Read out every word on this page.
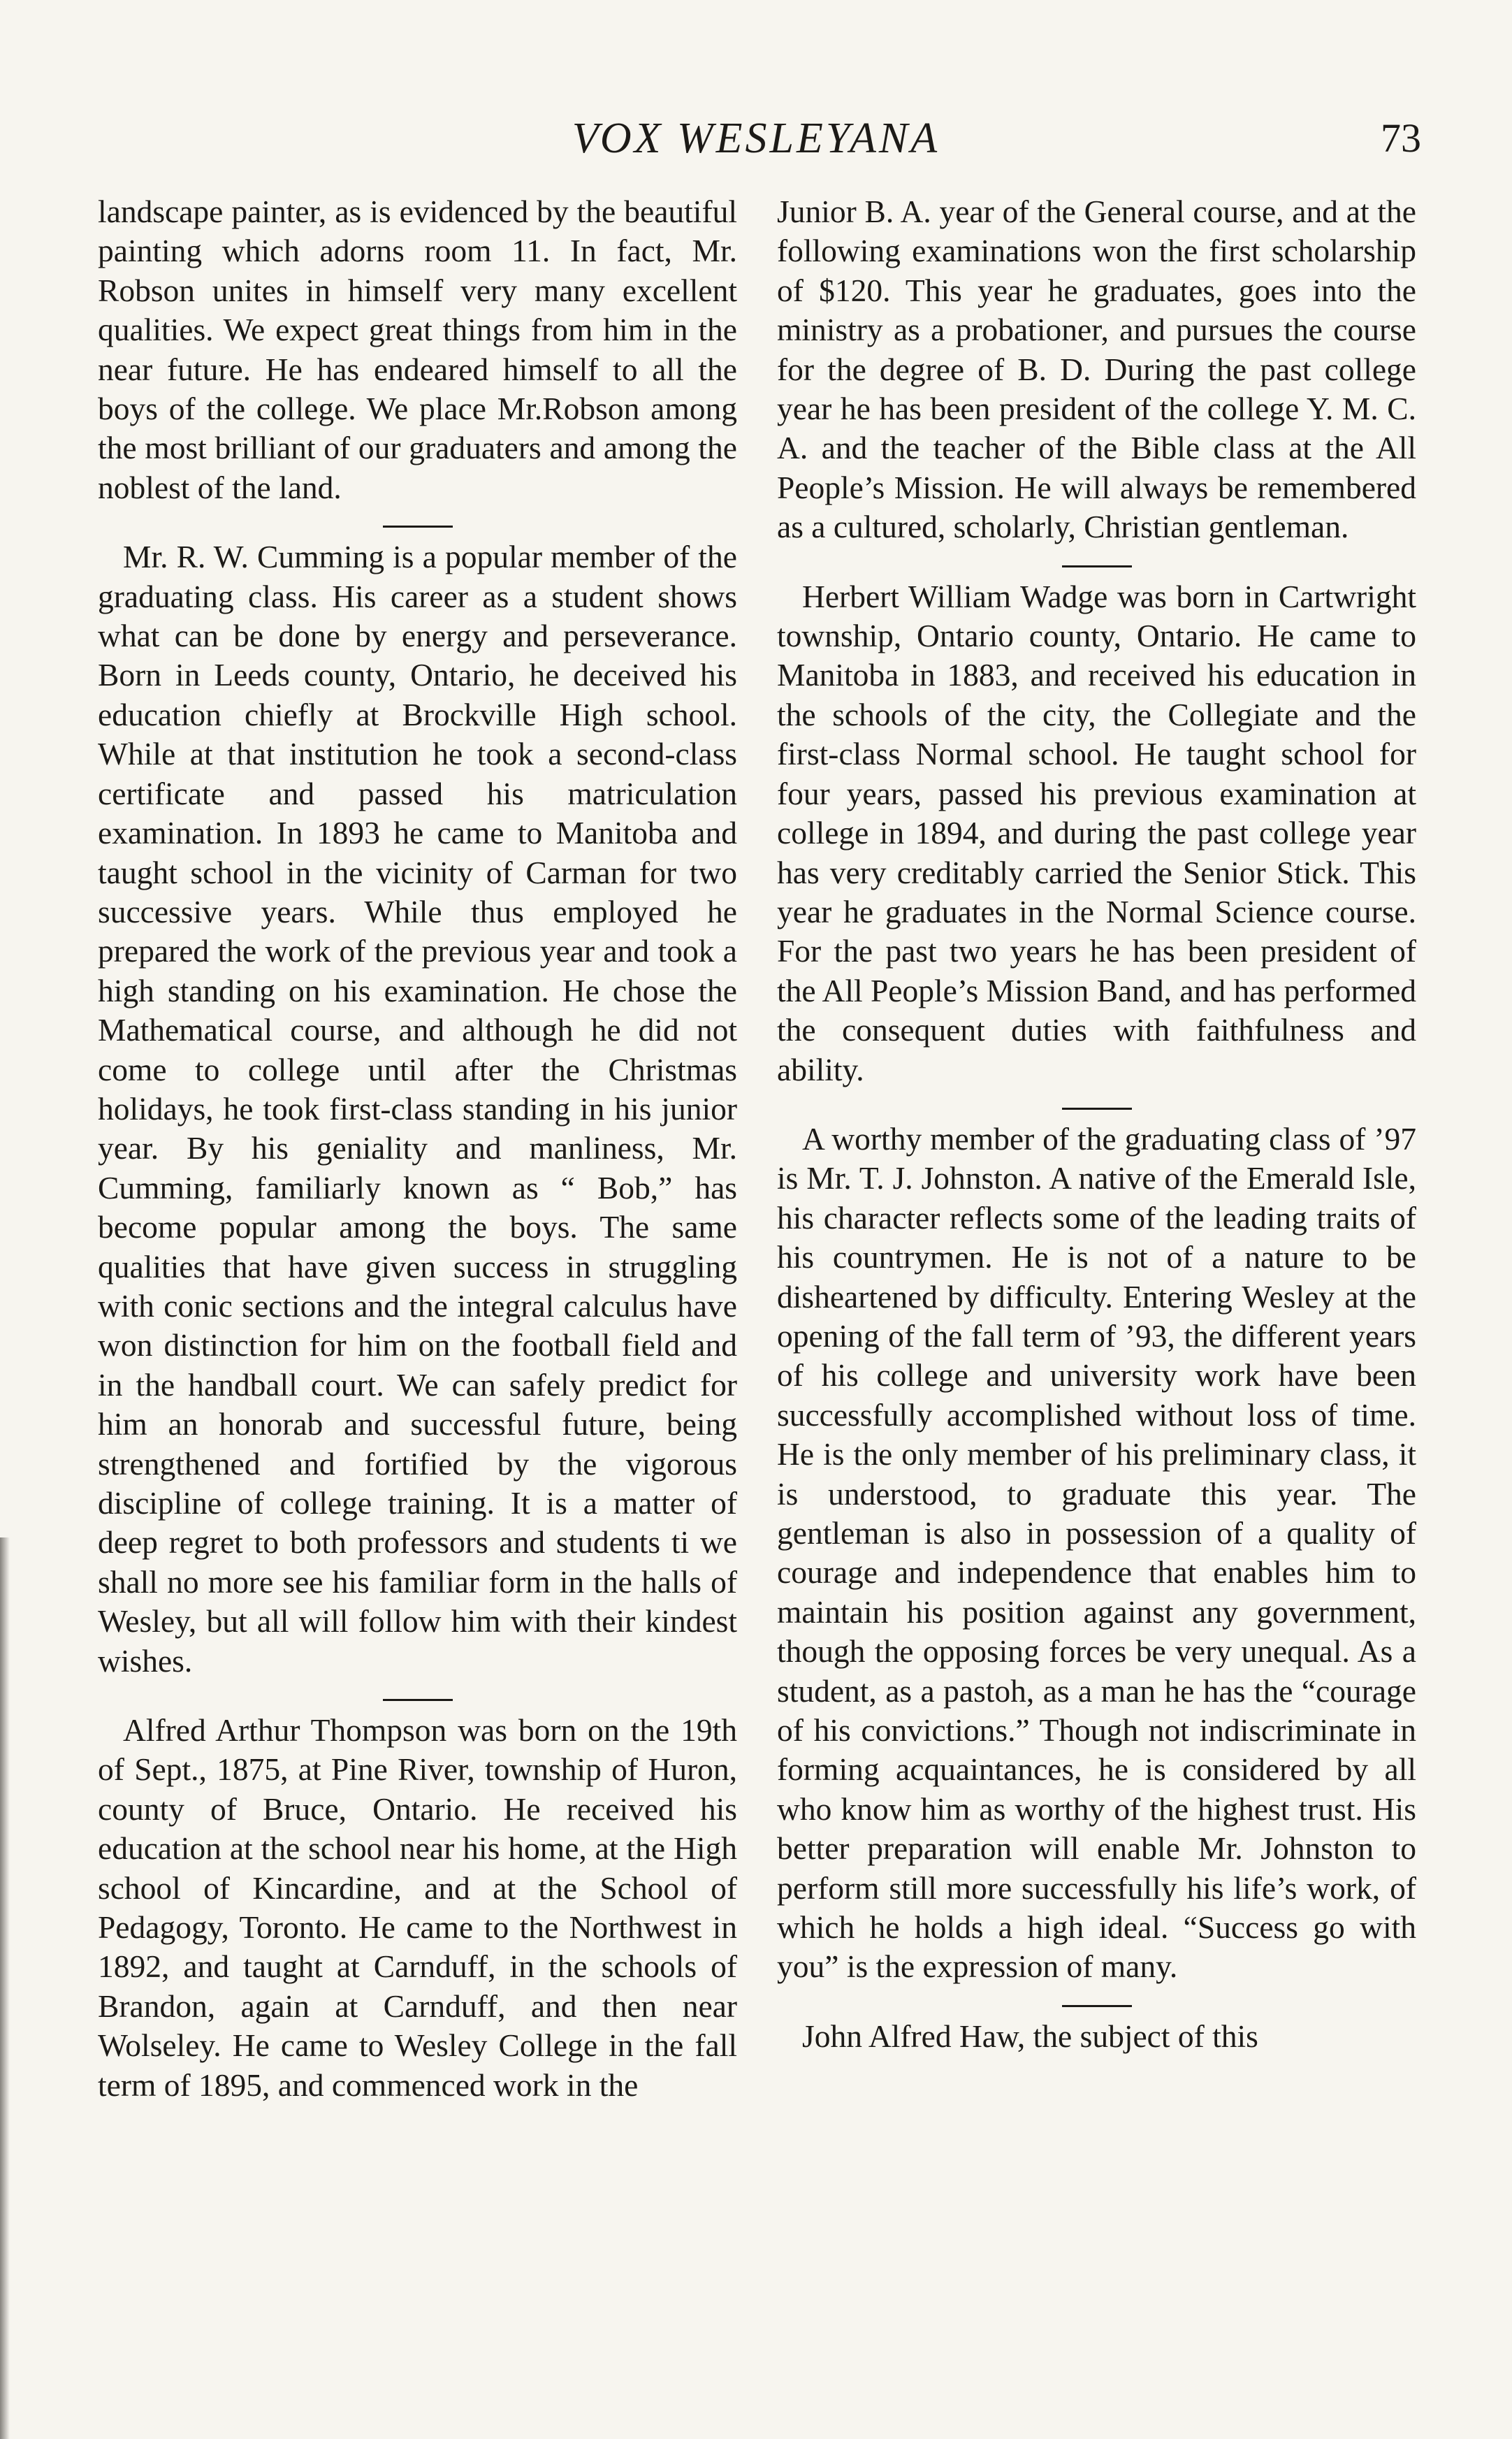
VOX WESLEYANA	73

landscape painter, as is evidenced by the beautiful painting which adorns room 11. In fact, Mr. Robson unites in himself very many excellent qualities. We expect great things from him in the near future. He has endeared himself to all the boys of the college. We place Mr.Robson among the most brilliant of our graduaters and among the noblest of the land.

Mr. R. W. Cumming is a popular member of the graduating class. His career as a student shows what can be done by energy and perseverance. Born in Leeds county, Ontario, he deceived his education chiefly at Brockville High school. While at that institution he took a second-class certificate and passed his matriculation examination. In 1893 he came to Manitoba and taught school in the vicinity of Carman for two successive years. While thus employed he prepared the work of the previous year and took a high standing on his examination. He chose the Mathematical course, and although he did not come to college until after the Christmas holidays, he took first-class standing in his junior year. By his geniality and manliness, Mr. Cumming, familiarly known as “ Bob,” has become popular among the boys. The same qualities that have given success in struggling with conic sections and the integral calculus have won distinction for him on the football field and in the handball court. We can safely predict for him an honorab and successful future, being strengthened and fortified by the vigorous discipline of college training. It is a matter of deep regret to both professors and students ti we shall no more see his familiar form in the halls of Wesley, but all will follow him with their kindest wishes.

Alfred Arthur Thompson was born on the 19th of Sept., 1875, at Pine River, township of Huron, county of Bruce, Ontario. He received his education at the school near his home, at the High school of Kincardine, and at the School of Pedagogy, Toronto. He came to the Northwest in 1892, and taught at Carnduff, in the schools of Brandon, again at Carnduff, and then near Wolseley. He came to Wesley College in the fall term of 1895, and commenced work in the

Junior B. A. year of the General course, and at the following examinations won the first scholarship of $120. This year he graduates, goes into the ministry as a probationer, and pursues the course for the degree of B. D. During the past college year he has been president of the college Y. M. C. A. and the teacher of the Bible class at the All People’s Mission. He will always be remembered as a cultured, scholarly, Christian gentleman.

Herbert William Wadge was born in Cartwright township, Ontario county, Ontario. He came to Manitoba in 1883, and received his education in the schools of the city, the Collegiate and the first-class Normal school. He taught school for four years, passed his previous examination at college in 1894, and during the past college year has very creditably carried the Senior Stick. This year he graduates in the Normal Science course. For the past two years he has been president of the All People’s Mission Band, and has performed the consequent duties with faithfulness and ability.

A worthy member of the graduating class of ’97 is Mr. T. J. Johnston. A native of the Emerald Isle, his character reflects some of the leading traits of his countrymen. He is not of a nature to be disheartened by difficulty. Entering Wesley at the opening of the fall term of ’93, the different years of his college and university work have been successfully accomplished without loss of time. He is the only member of his preliminary class, it is understood, to graduate this year. The gentleman is also in possession of a quality of courage and independence that enables him to maintain his position against any government, though the opposing forces be very unequal. As a student, as a pastoh, as a man he has the “courage of his convictions.” Though not indiscriminate in forming acquaintances, he is considered by all who know him as worthy of the highest trust. His better preparation will enable Mr. Johnston to perform still more successfully his life’s work, of which he holds a high ideal. “Success go with you” is the expression of many.

John Alfred Haw, the subject of this
